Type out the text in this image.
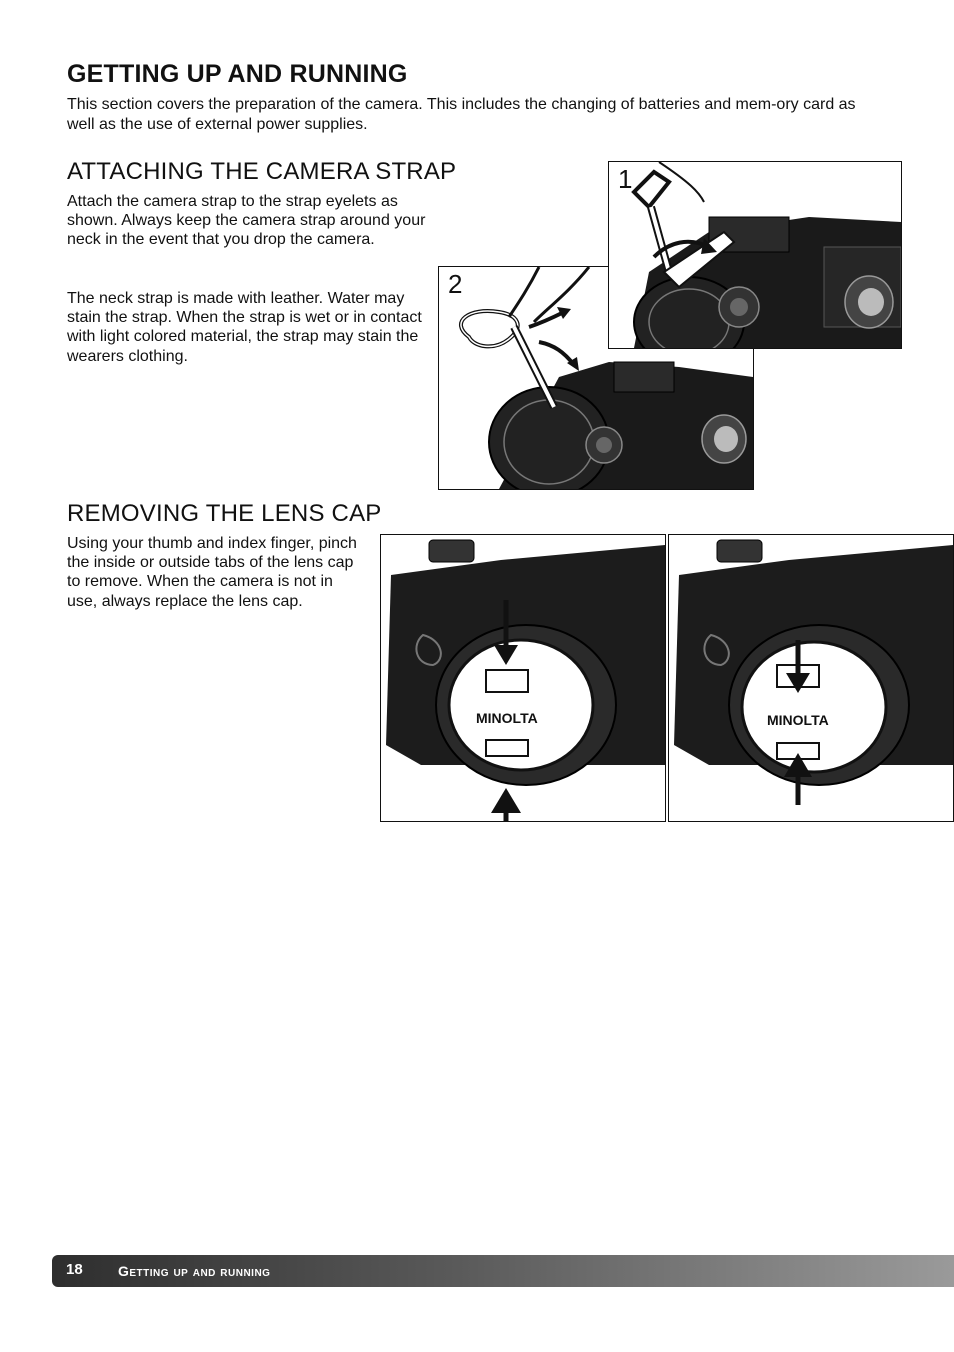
GETTING UP AND RUNNING

This section covers the preparation of the camera. This includes the changing of batteries and mem-ory card as well as the use of external power supplies.

ATTACHING THE CAMERA STRAP

Attach the camera strap to the strap eyelets as shown. Always keep the camera strap around your neck in the event that you drop the camera.

The neck strap is made with leather. Water may stain the strap. When the strap is wet or in contact with light colored material, the strap may stain the wearers clothing.

2
1
REMOVING THE LENS CAP

Using your thumb and index finger, pinch the inside or outside tabs of the lens cap to remove. When the camera is not in use, always replace the lens cap.

MINOLTA	MINOLTA
18	Getting up and running
